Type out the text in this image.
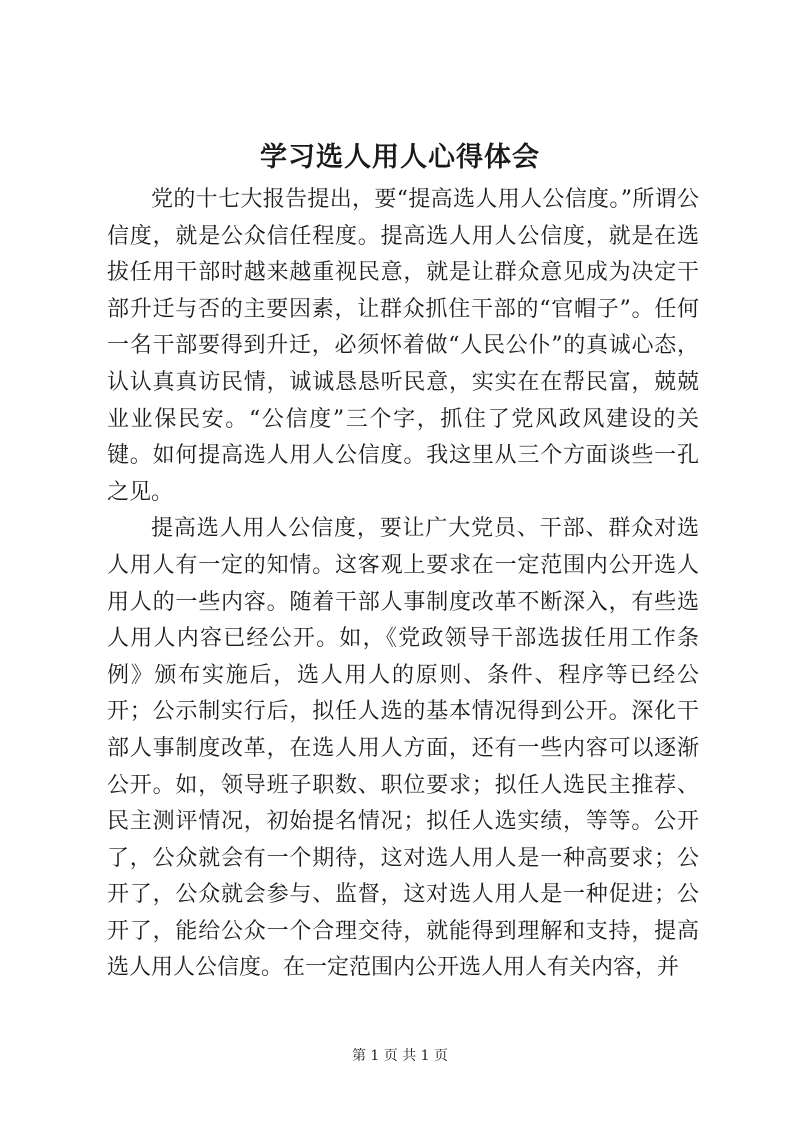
学习选人用人心得体会

党的十七大报告提出，要“提高选人用人公信度。”所谓公信度，就是公众信任程度。提高选人用人公信度，就是在选拔任用干部时越来越重视民意，就是让群众意见成为决定干部升迁与否的主要因素，让群众抓住干部的“官帽子”。任何一名干部要得到升迁，必须怀着做“人民公仆”的真诚心态，认认真真访民情，诚诚恳恳听民意，实实在在帮民富，兢兢业业保民安。“公信度”三个字，抓住了党风政风建设的关键。如何提高选人用人公信度。我这里从三个方面谈些一孔之见。

提高选人用人公信度，要让广大党员、干部、群众对选人用人有一定的知情。这客观上要求在一定范围内公开选人用人的一些内容。随着干部人事制度改革不断深入，有些选人用人内容已经公开。如，《党政领导干部选拔任用工作条例》颁布实施后，选人用人的原则、条件、程序等已经公开；公示制实行后，拟任人选的基本情况得到公开。深化干部人事制度改革，在选人用人方面，还有一些内容可以逐渐公开。如，领导班子职数、职位要求；拟任人选民主推荐、民主测评情况，初始提名情况；拟任人选实绩，等等。公开了，公众就会有一个期待，这对选人用人是一种高要求；公开了，公众就会参与、监督，这对选人用人是一种促进；公开了，能给公众一个合理交待，就能得到理解和支持，提高选人用人公信度。在一定范围内公开选人用人有关内容，并

第 1 页 共 1 页
